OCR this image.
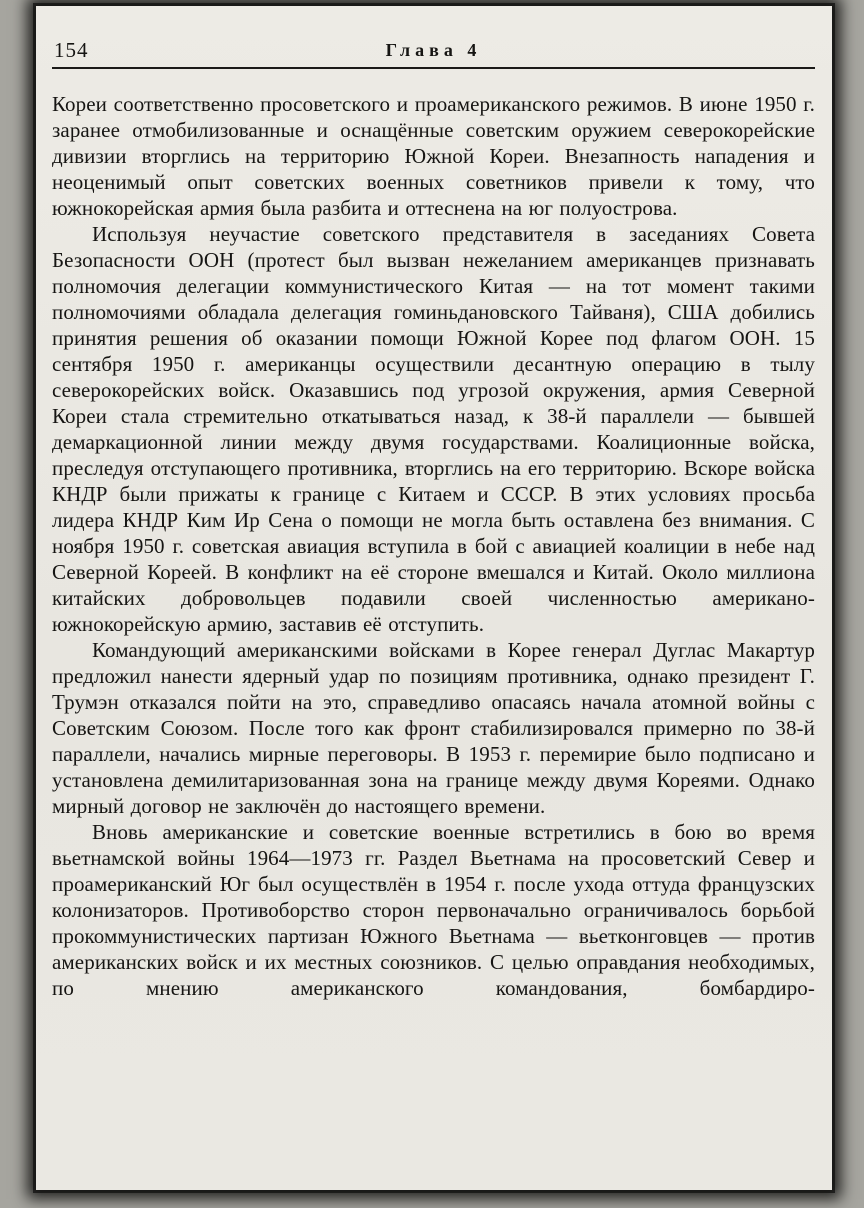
154	Глава 4

Кореи соответственно просоветского и проамериканского режимов. В июне 1950 г. заранее отмобилизованные и оснащённые советским оружием северокорейские дивизии вторглись на территорию Южной Кореи. Внезапность нападения и неоценимый опыт советских военных советников привели к тому, что южнокорейская армия была разбита и оттеснена на юг полуострова.

Используя неучастие советского представителя в заседаниях Совета Безопасности ООН (протест был вызван нежеланием американцев признавать полномочия делегации коммунистического Китая — на тот момент такими полномочиями обладала делегация гоминьдановского Тайваня), США добились принятия решения об оказании помощи Южной Корее под флагом ООН. 15 сентября 1950 г. американцы осуществили десантную операцию в тылу северокорейских войск. Оказавшись под угрозой окружения, армия Северной Кореи стала стремительно откатываться назад, к 38-й параллели — бывшей демаркационной линии между двумя государствами. Коалиционные войска, преследуя отступающего противника, вторглись на его территорию. Вскоре войска КНДР были прижаты к границе с Китаем и СССР. В этих условиях просьба лидера КНДР Ким Ир Сена о помощи не могла быть оставлена без внимания. С ноября 1950 г. советская авиация вступила в бой с авиацией коалиции в небе над Северной Кореей. В конфликт на её стороне вмешался и Китай. Около миллиона китайских добровольцев подавили своей численностью американо-южнокорейскую армию, заставив её отступить.

Командующий американскими войсками в Корее генерал Дуглас Макартур предложил нанести ядерный удар по позициям противника, однако президент Г. Трумэн отказался пойти на это, справедливо опасаясь начала атомной войны с Советским Союзом. После того как фронт стабилизировался примерно по 38-й параллели, начались мирные переговоры. В 1953 г. перемирие было подписано и установлена демилитаризованная зона на границе между двумя Кореями. Однако мирный договор не заключён до настоящего времени.

Вновь американские и советские военные встретились в бою во время вьетнамской войны 1964—1973 гг. Раздел Вьетнама на просоветский Север и проамериканский Юг был осуществлён в 1954 г. после ухода оттуда французских колонизаторов. Противоборство сторон первоначально ограничивалось борьбой прокоммунистических партизан Южного Вьетнама — вьетконговцев — против американских войск и их местных союзников. С целью оправдания необходимых, по мнению американского командования, бомбардиро-
